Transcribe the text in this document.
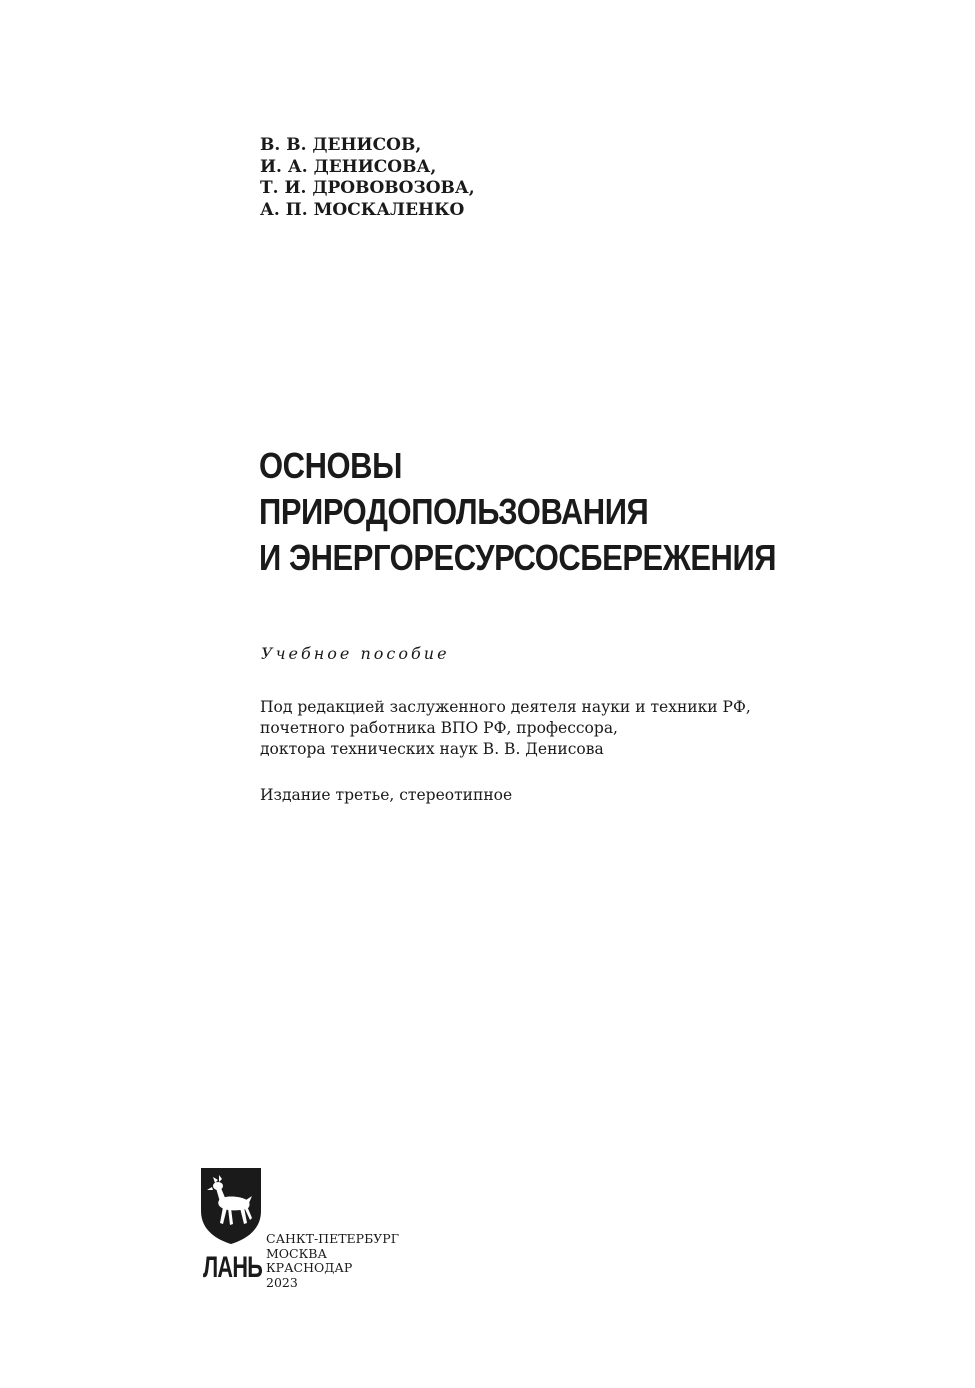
В. В. ДЕНИСОВ,
И. А. ДЕНИСОВА,
Т. И. ДРОВОВОЗОВА,
А. П. МОСКАЛЕНКО
ОСНОВЫ
ПРИРОДОПОЛЬЗОВАНИЯ
И ЭНЕРГОРЕСУРСОСБЕРЕЖЕНИЯ
Учебное пособие
Под редакцией заслуженного деятеля науки и техники РФ,
почетного работника ВПО РФ, профессора,
доктора технических наук В. В. Денисова
Издание третье, стереотипное
ЛАНЬ
САНКТ-ПЕТЕРБУРГ
МОСКВА
КРАСНОДАР
2023
